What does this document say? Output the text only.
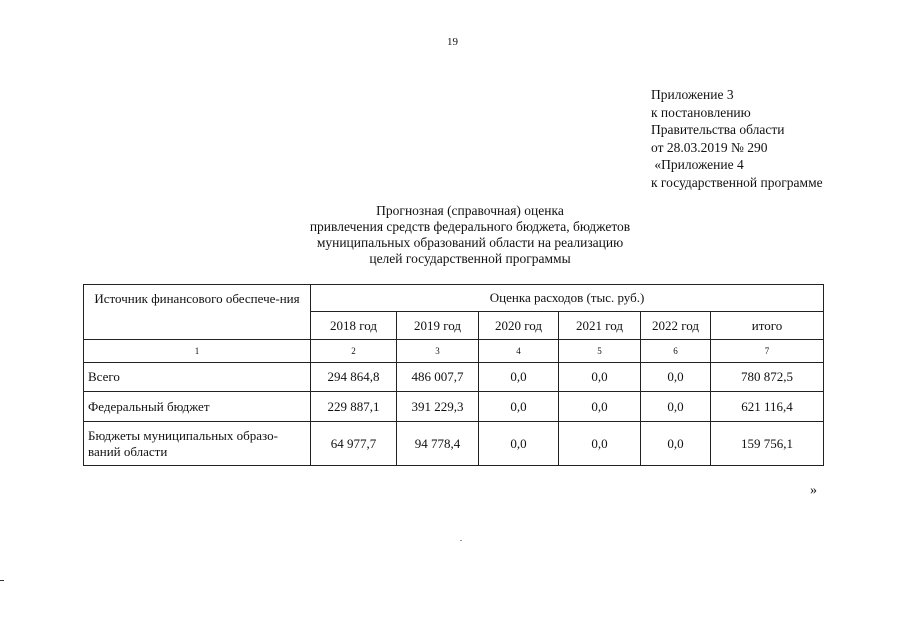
19
Приложение 3
к постановлению
Правительства области
от 28.03.2019 № 290
«Приложение 4
к государственной программе
Прогнозная (справочная) оценка
привлечения средств федерального бюджета, бюджетов
муниципальных образований области на реализацию
целей государственной программы
Источник финансового обеспече-ния	Оценка расходов (тыс. руб.)					
	2018 год	2019 год	2020 год	2021 год	2022 год	итого
1	2	3	4	5	6	7
Всего	294 864,8	486 007,7	0,0	0,0	0,0	780 872,5
Федеральный бюджет	229 887,1	391 229,3	0,0	0,0	0,0	621 116,4
Бюджеты муниципальных образо-ваний области	64 977,7	94 778,4	0,0	0,0	0,0	159 756,1
»
